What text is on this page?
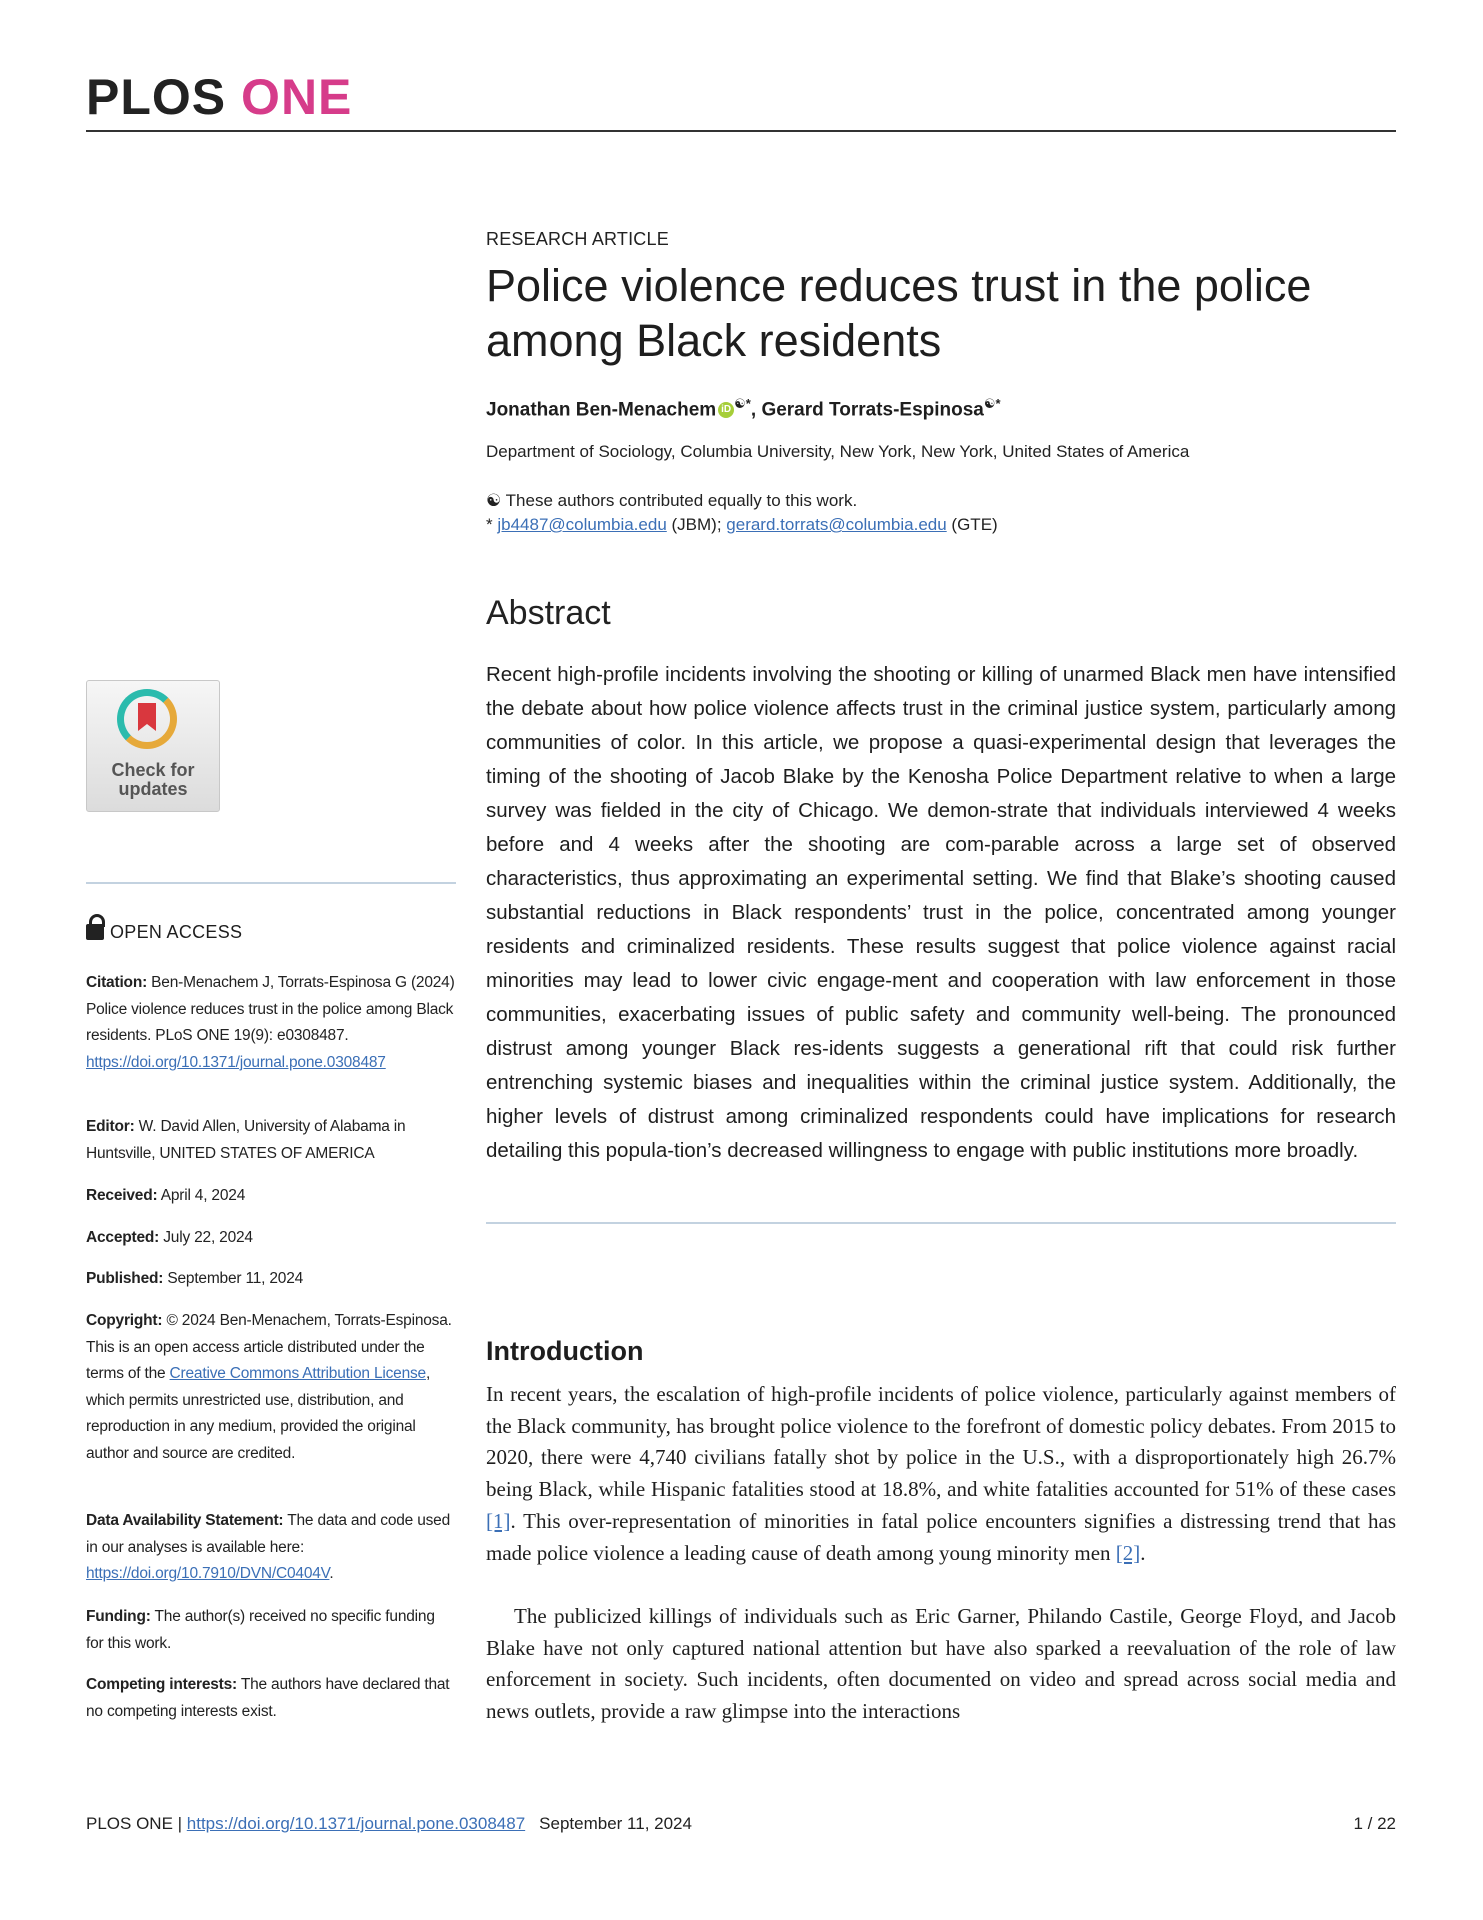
PLOS ONE
RESEARCH ARTICLE
Police violence reduces trust in the police among Black residents
Jonathan Ben-Menachem iD ☯*, Gerard Torrats-Espinosa☯*
Department of Sociology, Columbia University, New York, New York, United States of America
☯ These authors contributed equally to this work.
* jb4487@columbia.edu (JBM); gerard.torrats@columbia.edu (GTE)
Abstract

Recent high-profile incidents involving the shooting or killing of unarmed Black men have intensified the debate about how police violence affects trust in the criminal justice system, particularly among communities of color. In this article, we propose a quasi-experimental design that leverages the timing of the shooting of Jacob Blake by the Kenosha Police Department relative to when a large survey was fielded in the city of Chicago. We demon-strate that individuals interviewed 4 weeks before and 4 weeks after the shooting are com-parable across a large set of observed characteristics, thus approximating an experimental setting. We find that Blake’s shooting caused substantial reductions in Black respondents’ trust in the police, concentrated among younger residents and criminalized residents. These results suggest that police violence against racial minorities may lead to lower civic engage-ment and cooperation with law enforcement in those communities, exacerbating issues of public safety and community well-being. The pronounced distrust among younger Black res-idents suggests a generational rift that could risk further entrenching systemic biases and inequalities within the criminal justice system. Additionally, the higher levels of distrust among criminalized respondents could have implications for research detailing this popula-tion’s decreased willingness to engage with public institutions more broadly.

Introduction

In recent years, the escalation of high-profile incidents of police violence, particularly against members of the Black community, has brought police violence to the forefront of domestic policy debates. From 2015 to 2020, there were 4,740 civilians fatally shot by police in the U.S., with a disproportionately high 26.7% being Black, while Hispanic fatalities stood at 18.8%, and white fatalities accounted for 51% of these cases [1]. This over-representation of minorities in fatal police encounters signifies a distressing trend that has made police violence a leading cause of death among young minority men [2].

The publicized killings of individuals such as Eric Garner, Philando Castile, George Floyd, and Jacob Blake have not only captured national attention but have also sparked a reevaluation of the role of law enforcement in society. Such incidents, often documented on video and spread across social media and news outlets, provide a raw glimpse into the interactions

Check for updates
OPEN ACCESS
Citation: Ben-Menachem J, Torrats-Espinosa G (2024) Police violence reduces trust in the police among Black residents. PLoS ONE 19(9): e0308487. https://doi.org/10.1371/journal.pone.0308487
Editor: W. David Allen, University of Alabama in Huntsville, UNITED STATES OF AMERICA
Received: April 4, 2024
Accepted: July 22, 2024
Published: September 11, 2024
Copyright: © 2024 Ben-Menachem, Torrats-Espinosa. This is an open access article distributed under the terms of the Creative Commons Attribution License, which permits unrestricted use, distribution, and reproduction in any medium, provided the original author and source are credited.
Data Availability Statement: The data and code used in our analyses is available here: https://doi.org/10.7910/DVN/C0404V.
Funding: The author(s) received no specific funding for this work.
Competing interests: The authors have declared that no competing interests exist.
PLOS ONE | https://doi.org/10.1371/journal.pone.0308487 September 11, 2024	1 / 22
